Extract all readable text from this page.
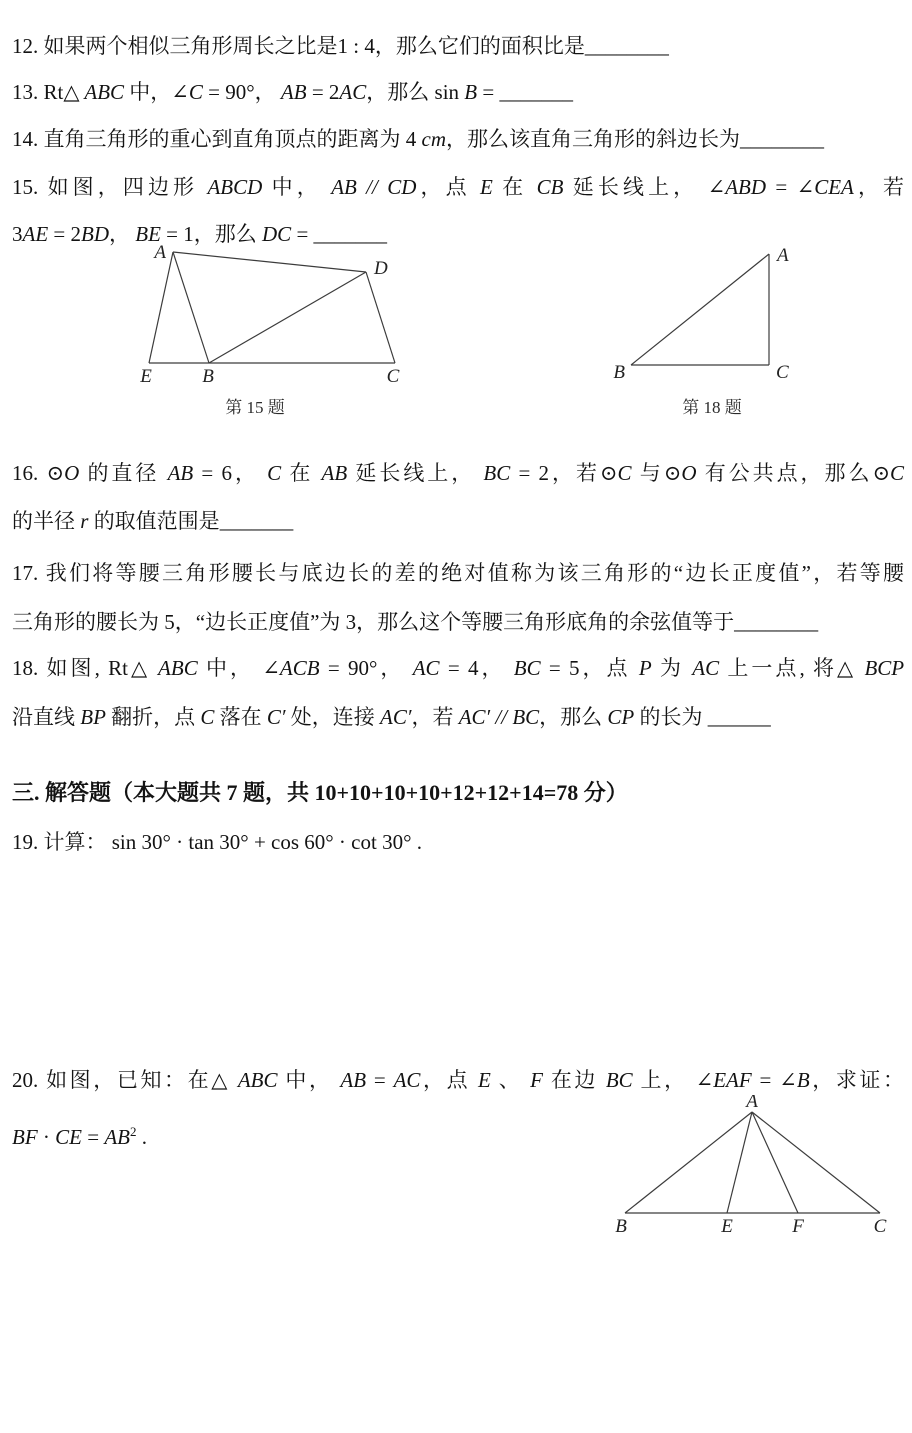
12. 如果两个相似三角形周长之比是1 : 4，那么它们的面积比是________

13. Rt△ ABC 中，∠C = 90°， AB = 2AC，那么 sin B = _______

14. 直角三角形的重心到直角顶点的距离为 4 cm，那么该直角三角形的斜边长为________

15. 如图，四边形 ABCD 中， AB // CD，点 E 在 CB 延长线上， ∠ABD = ∠CEA，若

3AE = 2BD， BE = 1，那么 DC = _______

A
D
E	B	C
第 15 题
A
B	C
第 18 题

16. ⊙O 的直径 AB = 6， C 在 AB 延长线上， BC = 2，若⊙C 与⊙O 有公共点，那么⊙C

的半径 r 的取值范围是_______

17. 我们将等腰三角形腰长与底边长的差的绝对值称为该三角形的“边长正度值”，若等腰

三角形的腰长为 5，“边长正度值”为 3，那么这个等腰三角形底角的余弦值等于________

18. 如图, Rt△ ABC 中， ∠ACB = 90°， AC = 4， BC = 5，点 P 为 AC 上一点, 将△ BCP

沿直线 BP 翻折，点 C 落在 C′ 处，连接 AC′，若 AC′ // BC，那么 CP 的长为 ______

三. 解答题（本大题共 7 题，共 10+10+10+10+12+12+14=78 分）

19. 计算： sin 30° · tan 30° + cos 60° · cot 30° .

20. 如图，已知：在△ ABC 中， AB = AC，点 E 、 F 在边 BC 上， ∠EAF = ∠B，求证：

BF · CE = $AB^2$ .

A
B	E	F	C
